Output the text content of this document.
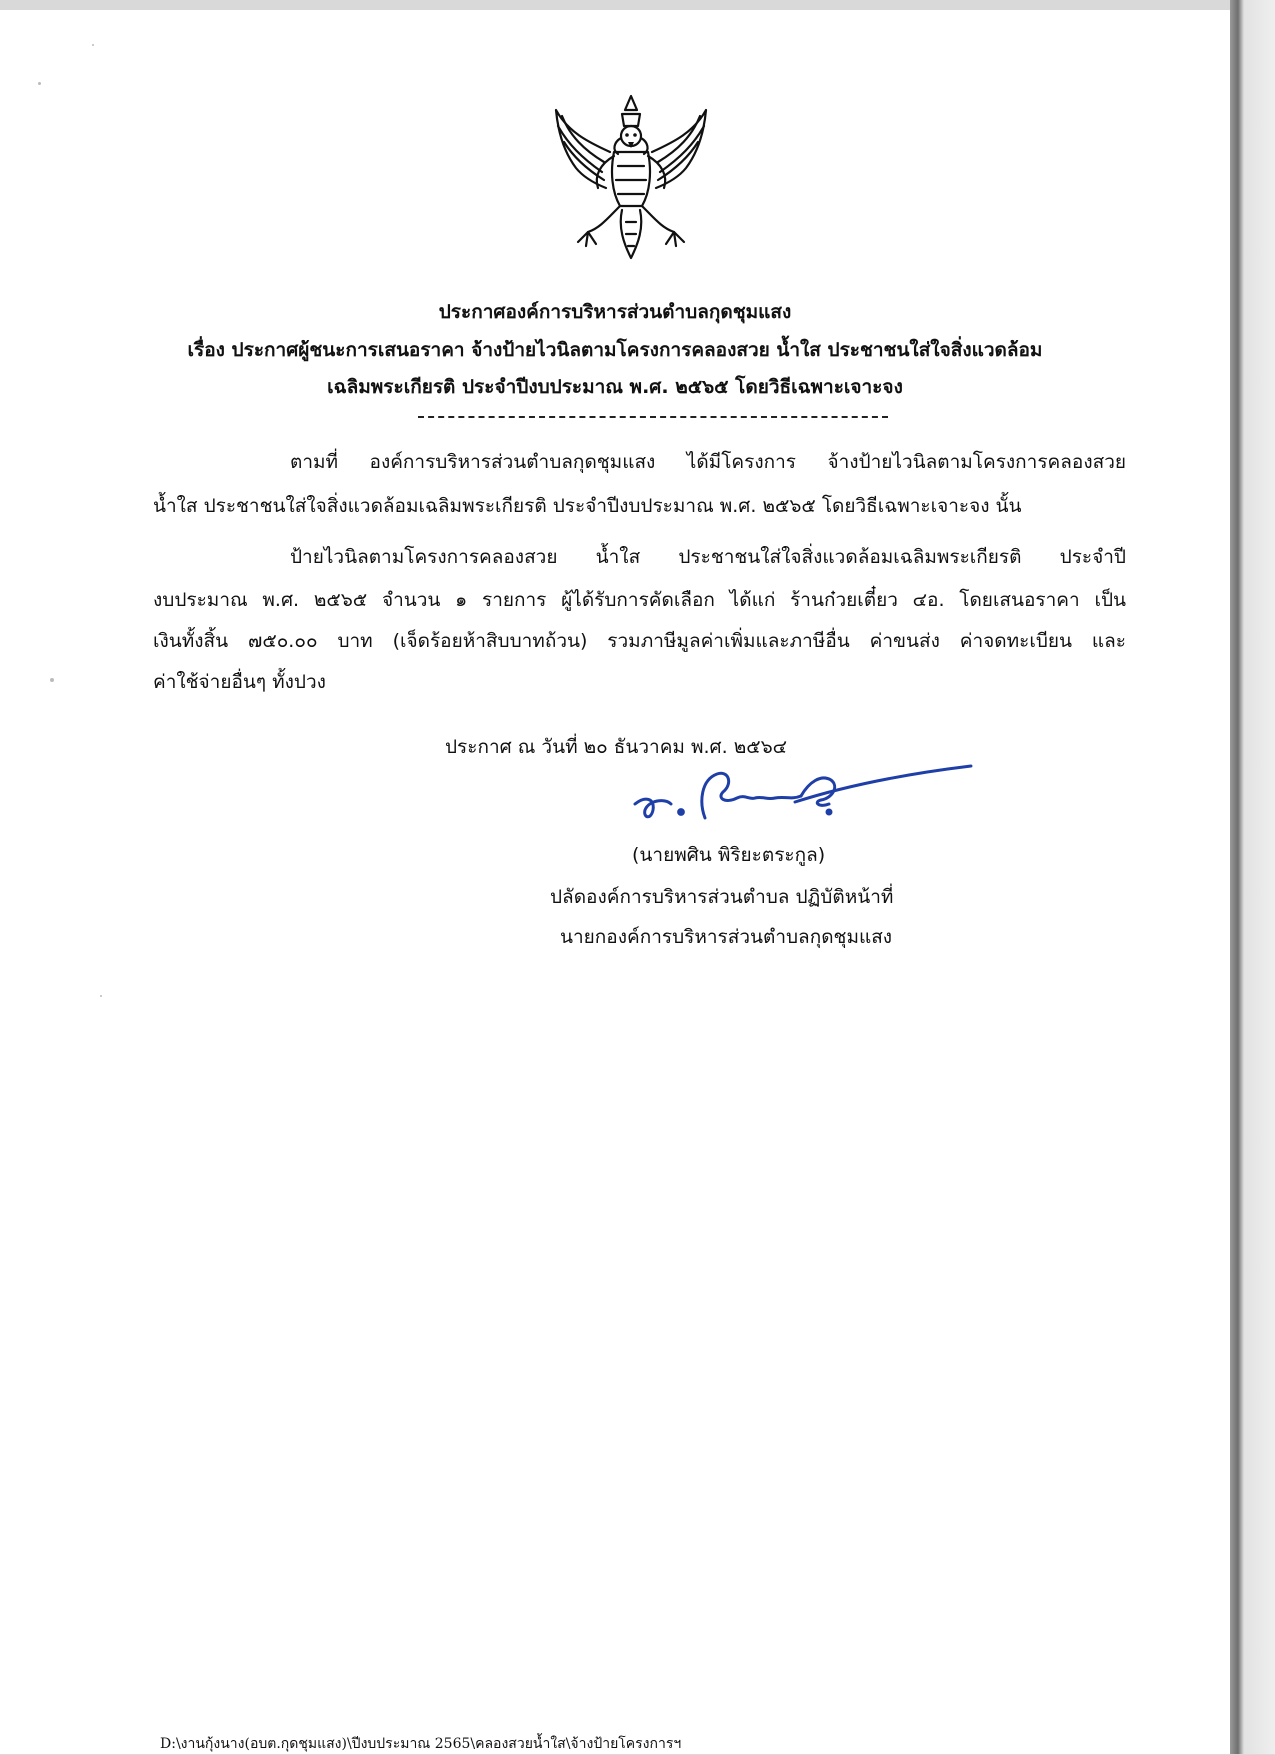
ประกาศองค์การบริหารส่วนตำบลกุดชุมแสง
เรื่อง ประกาศผู้ชนะการเสนอราคา จ้างป้ายไวนิลตามโครงการคลองสวย น้ำใส ประชาชนใส่ใจสิ่งแวดล้อม
เฉลิมพระเกียรติ ประจำปีงบประมาณ พ.ศ. ๒๕๖๕ โดยวิธีเฉพาะเจาะจง
ตามที่ องค์การบริหารส่วนตำบลกุดชุมแสง ได้มีโครงการ จ้างป้ายไวนิลตามโครงการคลองสวย
น้ำใส ประชาชนใส่ใจสิ่งแวดล้อมเฉลิมพระเกียรติ ประจำปีงบประมาณ พ.ศ. ๒๕๖๕ โดยวิธีเฉพาะเจาะจง นั้น
ป้ายไวนิลตามโครงการคลองสวย น้ำใส ประชาชนใส่ใจสิ่งแวดล้อมเฉลิมพระเกียรติ ประจำปี
งบประมาณ พ.ศ. ๒๕๖๕ จำนวน ๑ รายการ ผู้ได้รับการคัดเลือก ได้แก่ ร้านก๋วยเตี๋ยว ๔อ. โดยเสนอราคา เป็น
เงินทั้งสิ้น ๗๕๐.๐๐ บาท (เจ็ดร้อยห้าสิบบาทถ้วน) รวมภาษีมูลค่าเพิ่มและภาษีอื่น ค่าขนส่ง ค่าจดทะเบียน และ
ค่าใช้จ่ายอื่นๆ ทั้งปวง
ประกาศ ณ วันที่ ๒๐ ธันวาคม พ.ศ. ๒๕๖๔
(นายพศิน พิริยะตระกูล)
ปลัดองค์การบริหารส่วนตำบล ปฏิบัติหน้าที่
นายกองค์การบริหารส่วนตำบลกุดชุมแสง
D:\งานกุ้งนาง(อบต.กุดชุมแสง)\ปีงบประมาณ 2565\คลองสวยน้ำใส\จ้างป้ายโครงการฯ
